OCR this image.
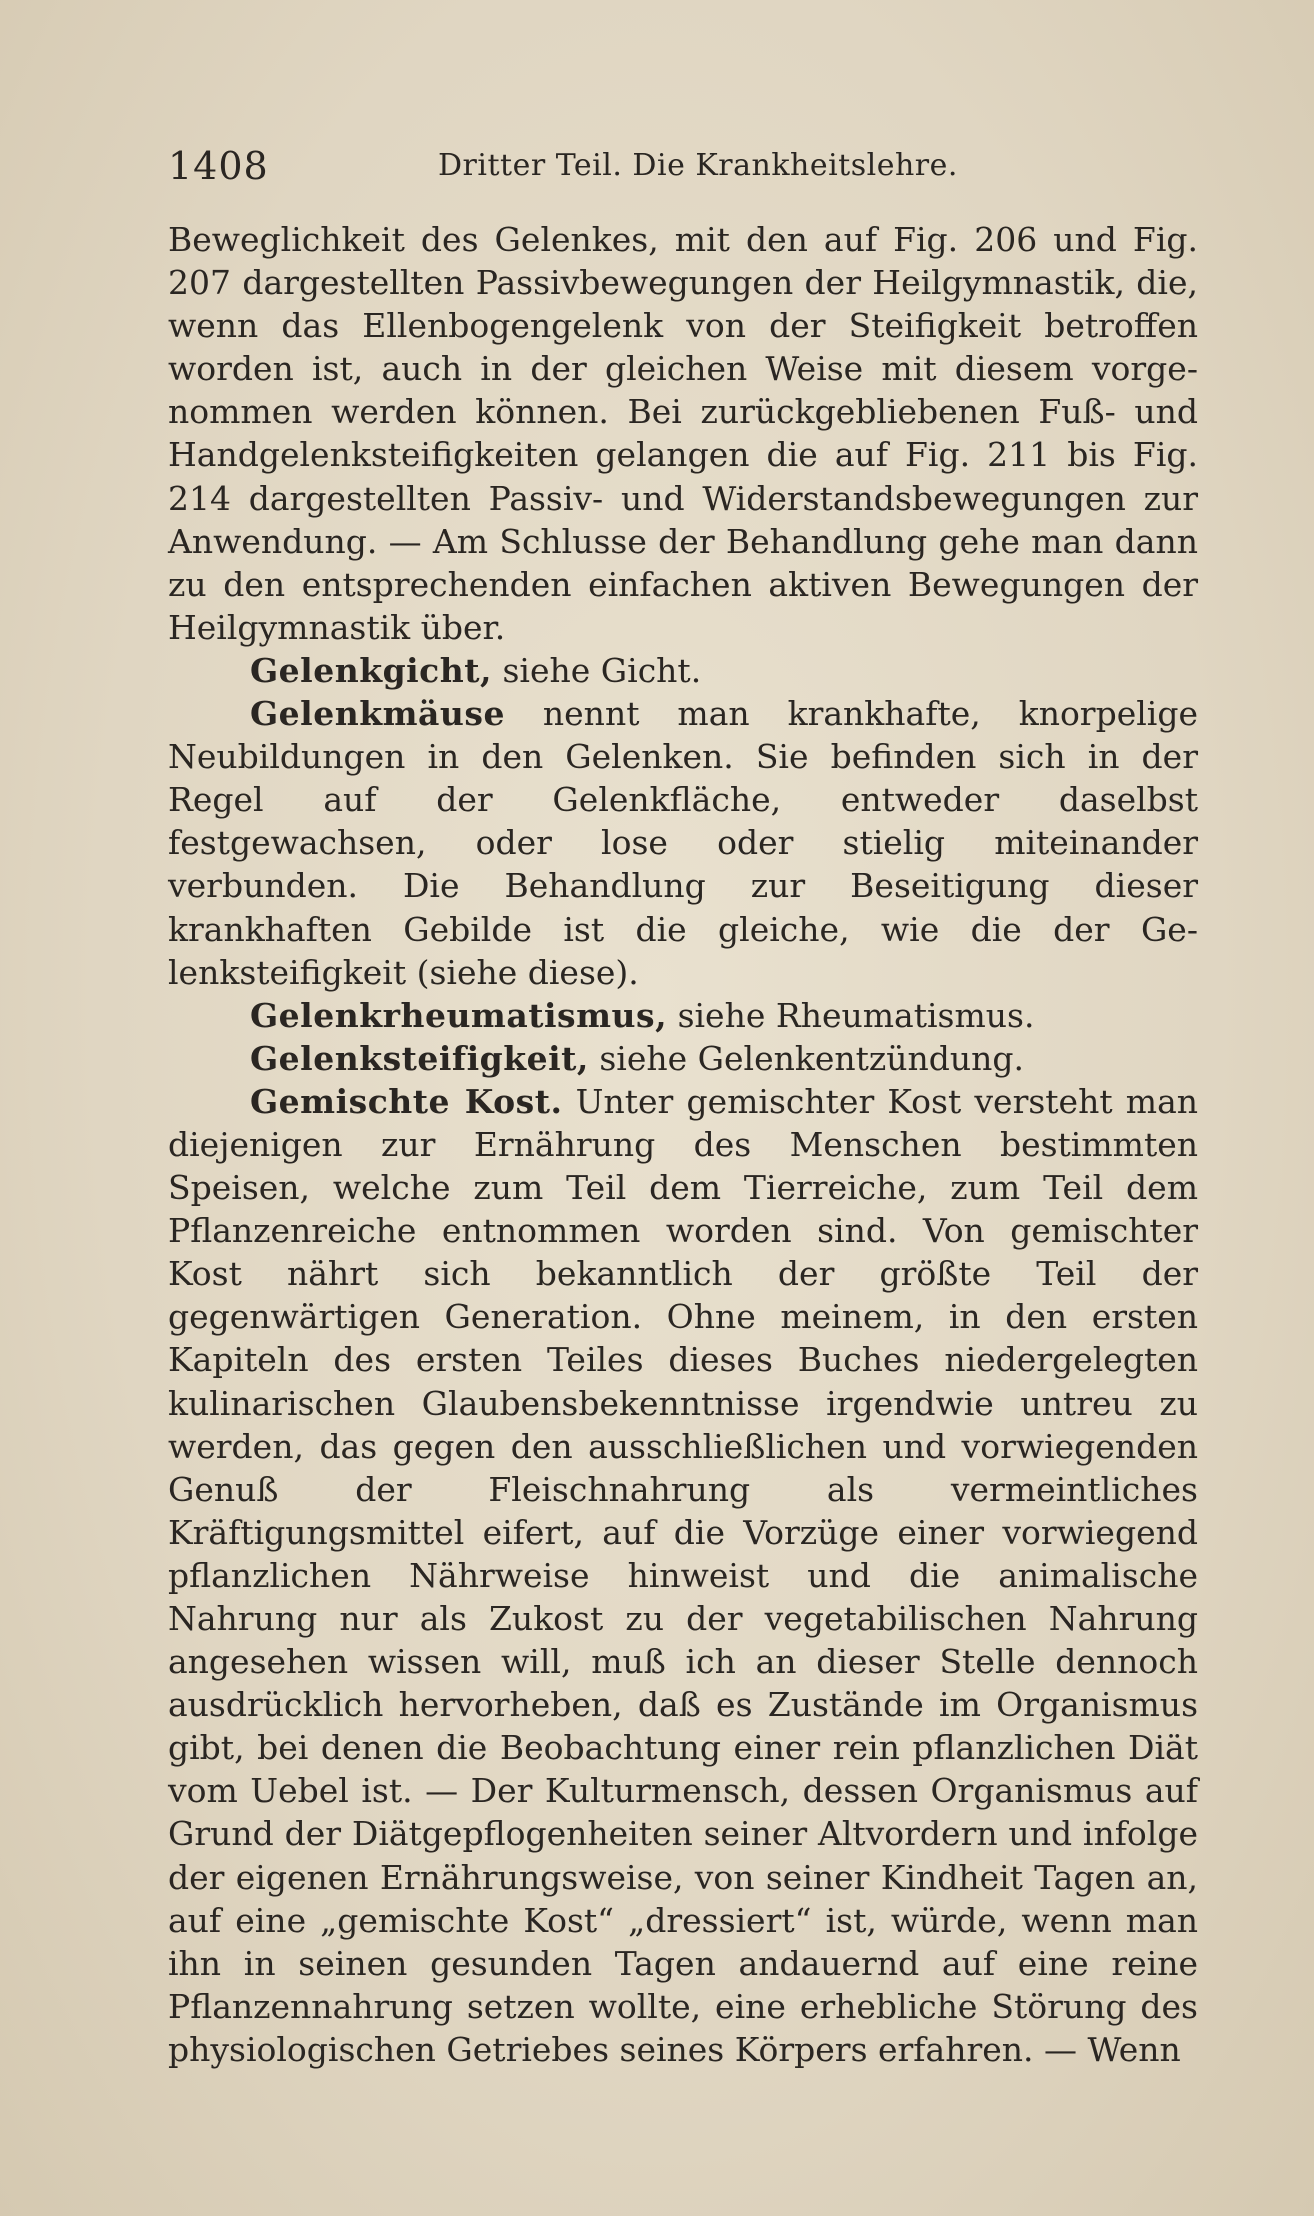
1408	Dritter Teil. Die Krankheitslehre.

Beweglichkeit des Gelenkes, mit den auf Fig. 206 und Fig. 207 dargestellten Passivbewegungen der Heilgymnastik, die, wenn das Ellenbogengelenk von der Steifigkeit betroffen worden ist, auch in der gleichen Weise mit diesem vorgenommen werden können. Bei zurückgebliebenen Fuß- und Handgelenksteifigkeiten gelangen die auf Fig. 211 bis Fig. 214 dargestellten Passiv- und Widerstandsbewegungen zur Anwendung. — Am Schlusse der Behandlung gehe man dann zu den entsprechenden einfachen aktiven Bewegungen der Heilgymnastik über.

Gelenkgicht, siehe Gicht.

Gelenkmäuse nennt man krankhafte, knorpelige Neubildungen in den Gelenken. Sie befinden sich in der Regel auf der Gelenkfläche, entweder daselbst festgewachsen, oder lose oder stielig miteinander verbunden. Die Behandlung zur Beseitigung dieser krankhaften Gebilde ist die gleiche, wie die der Gelenksteifigkeit (siehe diese).

Gelenkrheumatismus, siehe Rheumatismus.

Gelenksteifigkeit, siehe Gelenkentzündung.

Gemischte Kost. Unter gemischter Kost versteht man diejenigen zur Ernährung des Menschen bestimmten Speisen, welche zum Teil dem Tierreiche, zum Teil dem Pflanzenreiche entnommen worden sind. Von gemischter Kost nährt sich bekanntlich der größte Teil der gegenwärtigen Generation. Ohne meinem, in den ersten Kapiteln des ersten Teiles dieses Buches niedergelegten kulinarischen Glaubensbekenntnisse irgendwie untreu zu werden, das gegen den ausschließlichen und vorwiegenden Genuß der Fleischnahrung als vermeintliches Kräftigungsmittel eifert, auf die Vorzüge einer vorwiegend pflanzlichen Nährweise hinweist und die animalische Nahrung nur als Zukost zu der vegetabilischen Nahrung angesehen wissen will, muß ich an dieser Stelle dennoch ausdrücklich hervorheben, daß es Zustände im Organismus gibt, bei denen die Beobachtung einer rein pflanzlichen Diät vom Uebel ist. — Der Kulturmensch, dessen Organismus auf Grund der Diätgepflogenheiten seiner Altvordern und infolge der eigenen Ernährungsweise, von seiner Kindheit Tagen an, auf eine „gemischte Kost“ „dressiert“ ist, würde, wenn man ihn in seinen gesunden Tagen andauernd auf eine reine Pflanzennahrung setzen wollte, eine erhebliche Störung des physiologischen Getriebes seines Körpers erfahren. — Wenn
